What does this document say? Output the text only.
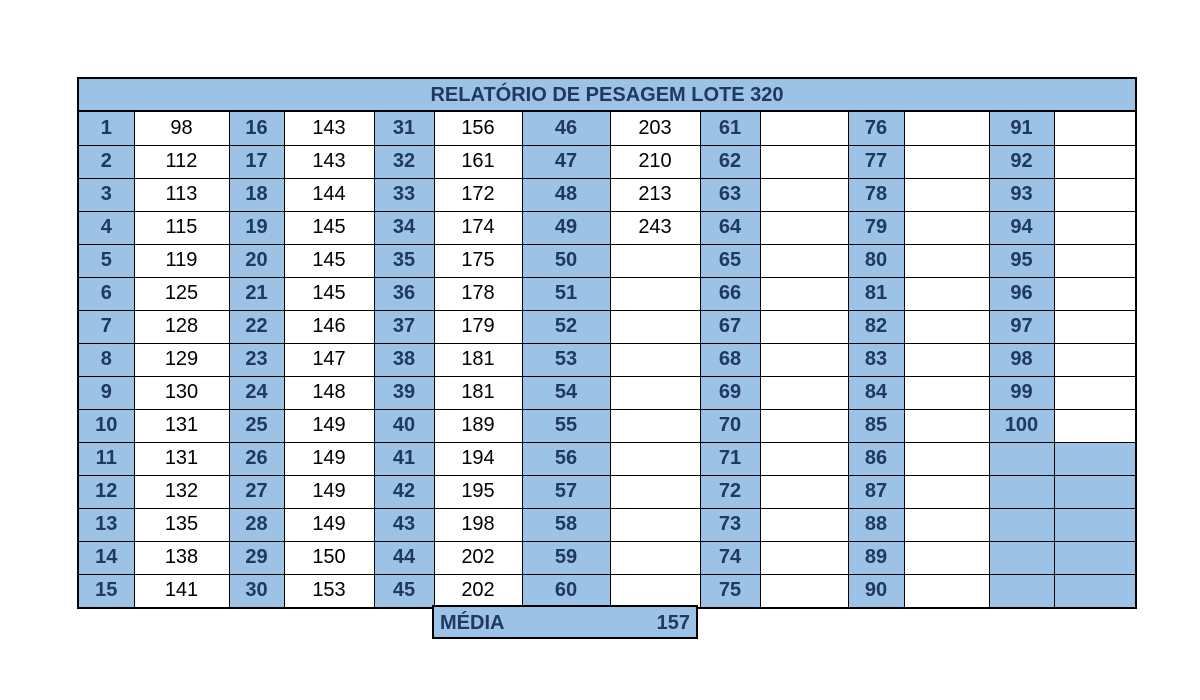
RELATÓRIO DE PESAGEM LOTE 320
1	98	16	143	31	156	46	203	61		76		91	
2	112	17	143	32	161	47	210	62		77		92	
3	113	18	144	33	172	48	213	63		78		93	
4	115	19	145	34	174	49	243	64		79		94	
5	119	20	145	35	175	50		65		80		95	
6	125	21	145	36	178	51		66		81		96	
7	128	22	146	37	179	52		67		82		97	
8	129	23	147	38	181	53		68		83		98	
9	130	24	148	39	181	54		69		84		99	
10	131	25	149	40	189	55		70		85		100	
11	131	26	149	41	194	56		71		86			
12	132	27	149	42	195	57		72		87			
13	135	28	149	43	198	58		73		88			
14	138	29	150	44	202	59		74		89			
15	141	30	153	45	202	60		75		90			
MÉDIA	157
